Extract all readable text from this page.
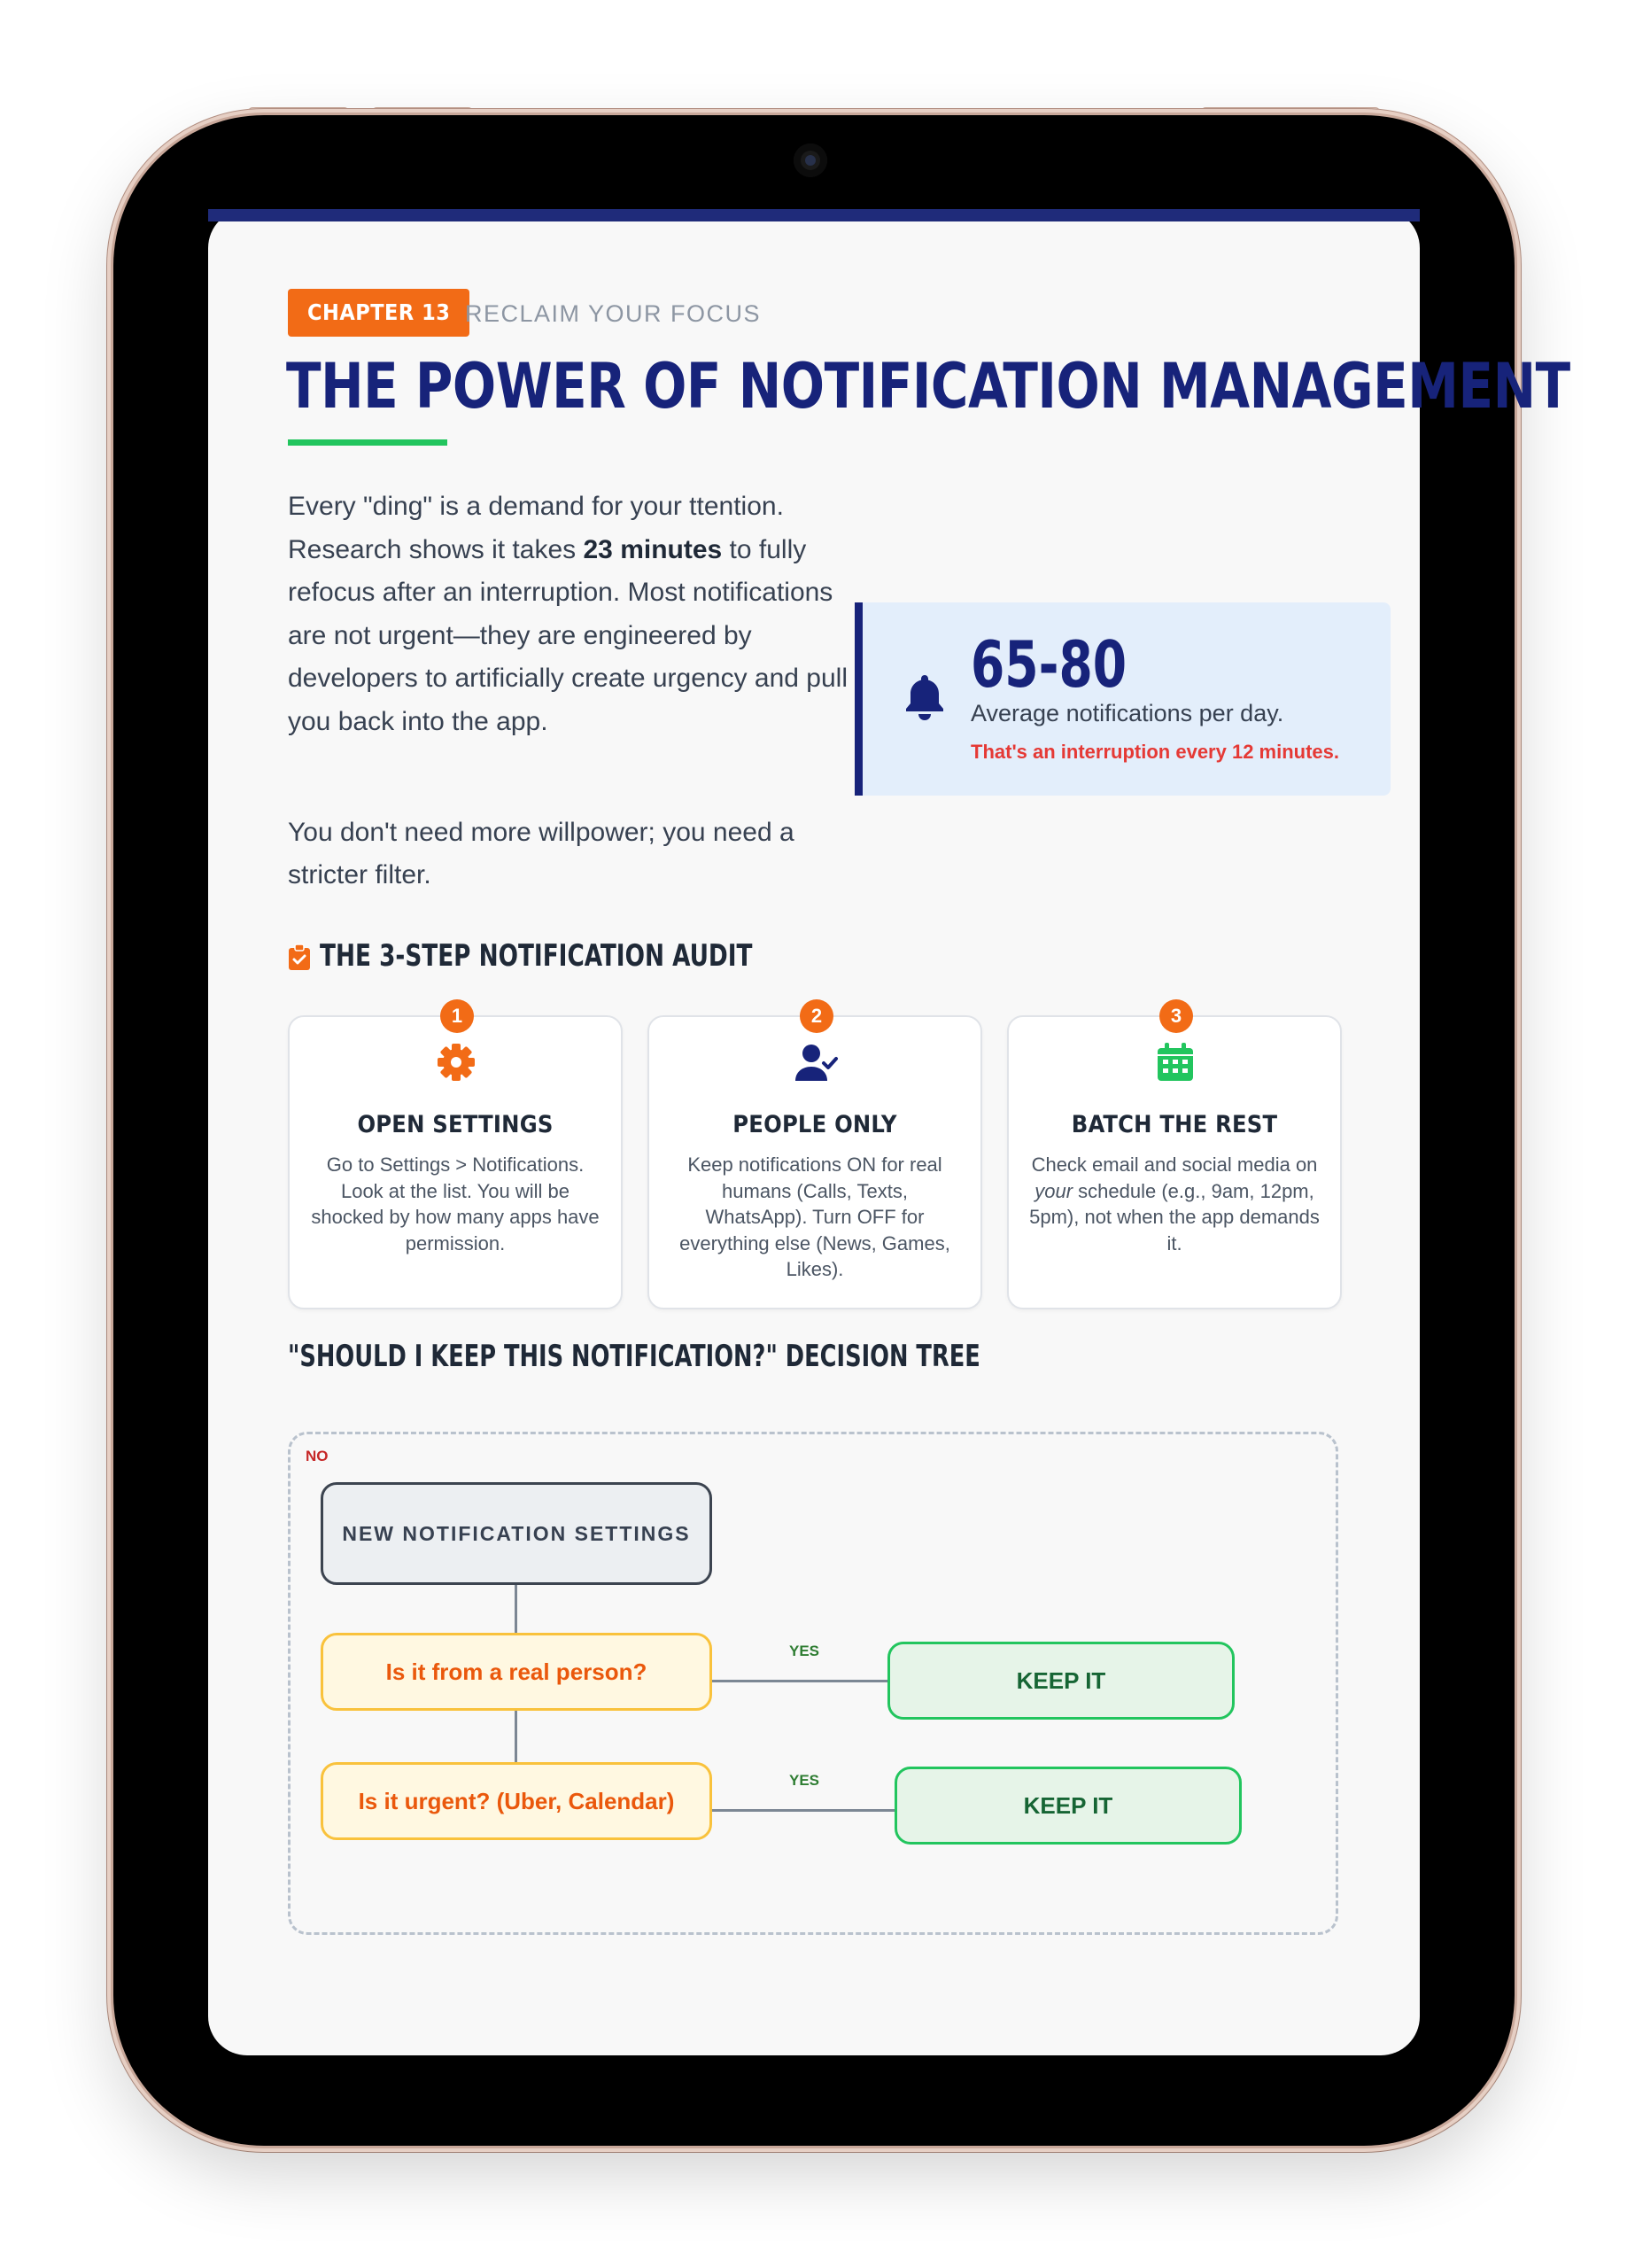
CHAPTER 13 RECLAIM YOUR FOCUS
THE POWER OF NOTIFICATION MANAGEMENT
Every "ding" is a demand for your ttention. Research shows it takes 23 minutes to fully refocus after an interruption. Most notifications are not urgent—they are engineered by developers to artificially create urgency and pull you back into the app.
You don't need more willpower; you need a stricter filter.
65-80
Average notifications per day.
That's an interruption every 12 minutes.
THE 3-STEP NOTIFICATION AUDIT
1
OPEN SETTINGS
Go to Settings > Notifications. Look at the list. You will be shocked by how many apps have permission.
2
PEOPLE ONLY
Keep notifications ON for real humans (Calls, Texts, WhatsApp). Turn OFF for everything else (News, Games, Likes).
3
BATCH THE REST
Check email and social media on your schedule (e.g., 9am, 12pm, 5pm), not when the app demands it.
"SHOULD I KEEP THIS NOTIFICATION?" DECISION TREE
NO
NEW NOTIFICATION SETTINGS
Is it from a real person?
Is it urgent? (Uber, Calendar)
YES
YES
KEEP IT
KEEP IT
